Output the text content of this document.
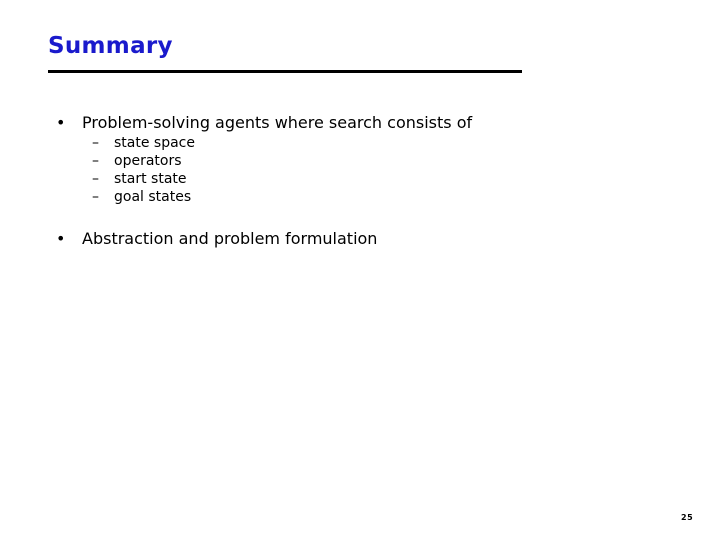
Summary
• Problem-solving agents where search consists of
– state space
– operators
– start state
– goal states
• Abstraction and problem formulation
25
